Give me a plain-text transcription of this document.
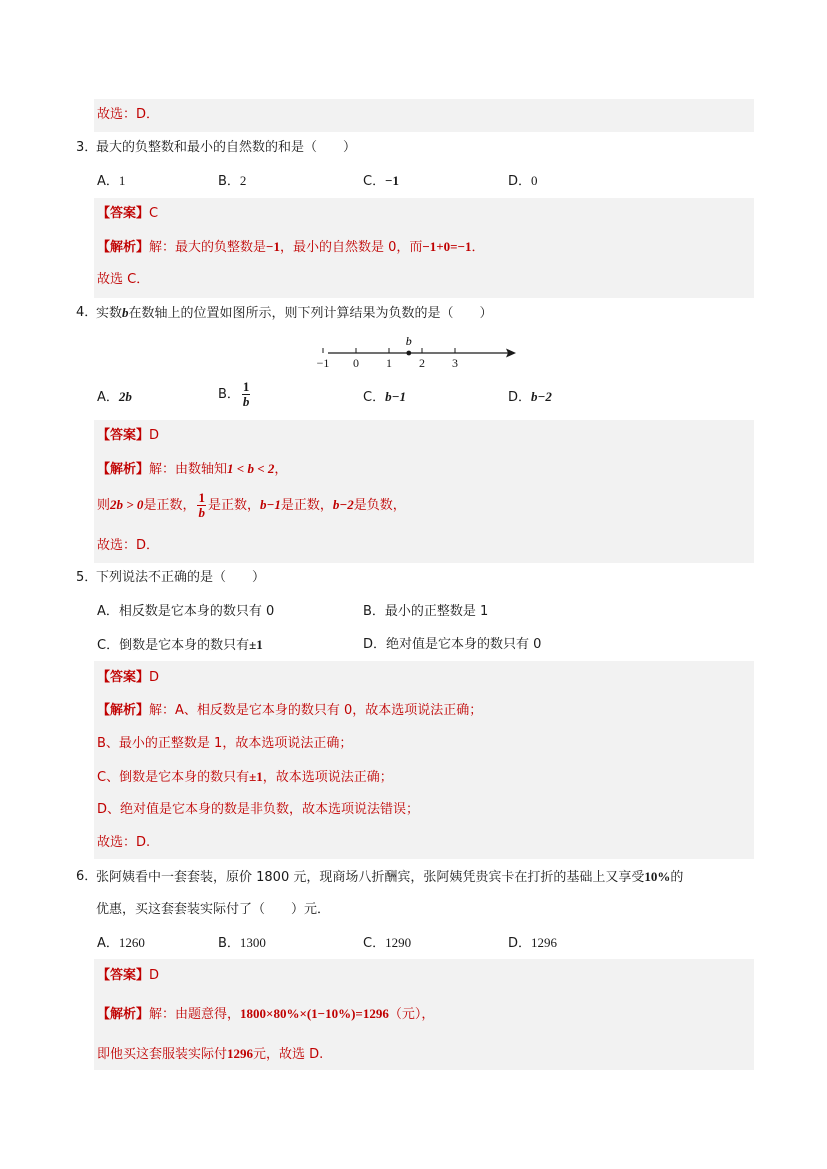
故选：D．
3．
最大的负整数和最小的自然数的和是（　　）
A．1	B．2	C．−1	D．0
【答案】C
【解析】解：最大的负整数是−1，最小的自然数是 0，而−1+0=−1．
故选 C．
4．
实数b在数轴上的位置如图所示，则下列计算结果为负数的是（　　）
−1 0 1 2 3
b
A．2b	B． $\frac{1}{b}$	C．b−1	D．b−2
【答案】D
【解析】解：由数轴知1 < b < 2，
则2b > 0是正数， $\frac{1}{b}$ 是正数，b−1是正数，b−2是负数，
故选：D．
5．
下列说法不正确的是（　　）
A．相反数是它本身的数只有 0	B．最小的正整数是 1
C．倒数是它本身的数只有±1	D．绝对值是它本身的数只有 0
【答案】D
【解析】解：A、相反数是它本身的数只有 0，故本选项说法正确；
B、最小的正整数是 1，故本选项说法正确；
C、倒数是它本身的数只有±1，故本选项说法正确；
D、绝对值是它本身的数是非负数，故本选项说法错误；
故选：D.
6．
张阿姨看中一套套装，原价 1800 元，现商场八折酬宾，张阿姨凭贵宾卡在打折的基础上又享受10%的
优惠，买这套套装实际付了（　　）元．
A．1260	B．1300	C．1290	D．1296
【答案】D
【解析】解：由题意得，1800×80%×(1−10%)=1296（元），
即他买这套服装实际付1296元，故选 D.
